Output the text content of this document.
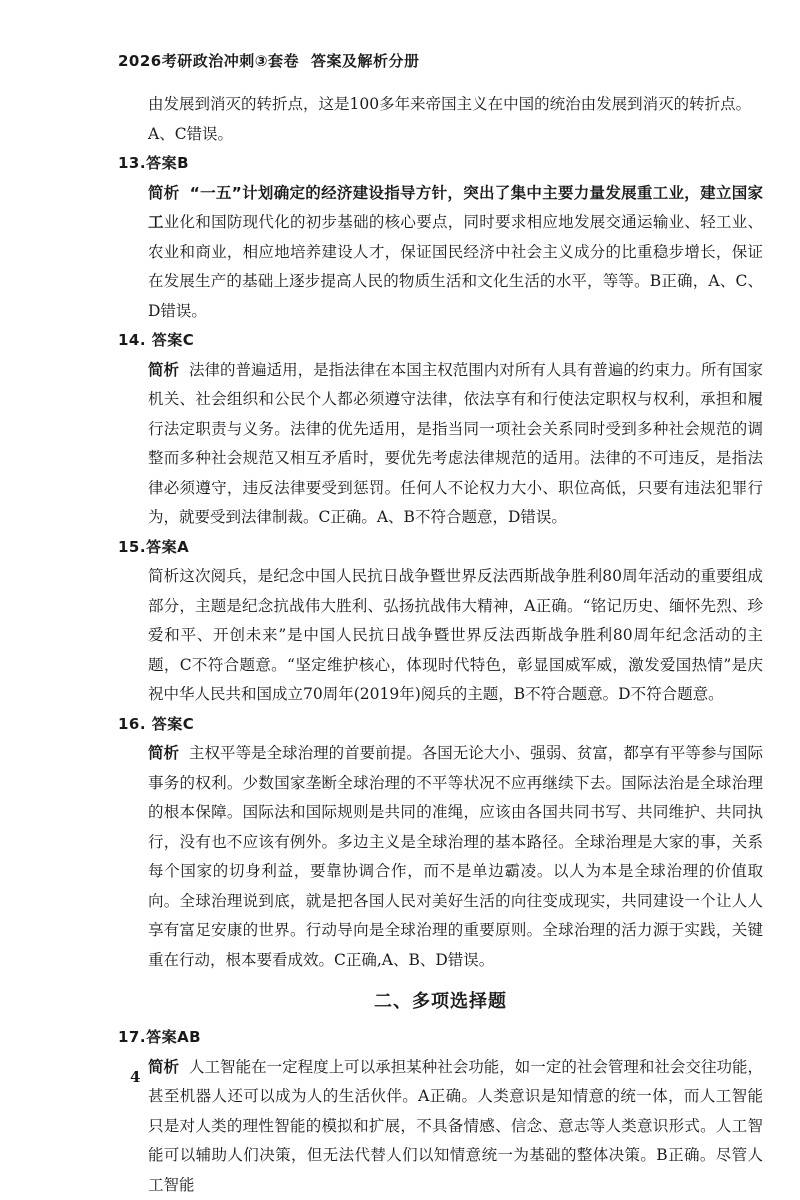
2026考研政治冲刺③套卷 答案及解析分册

由发展到消灭的转折点，这是100多年来帝国主义在中国的统治由发展到消灭的转折点。
A、C错误。

13.答案B

简析 “一五”计划确定的经济建设指导方针，突出了集中主要力量发展重工业，建立国家工业化和国防现代化的初步基础的核心要点，同时要求相应地发展交通运输业、轻工业、农业和商业，相应地培养建设人才，保证国民经济中社会主义成分的比重稳步增长，保证在发展生产的基础上逐步提高人民的物质生活和文化生活的水平，等等。B正确，A、C、D错误。

14. 答案C

简析 法律的普遍适用，是指法律在本国主权范围内对所有人具有普遍的约束力。所有国家机关、社会组织和公民个人都必须遵守法律，依法享有和行使法定职权与权利，承担和履行法定职责与义务。法律的优先适用，是指当同一项社会关系同时受到多种社会规范的调整而多种社会规范又相互矛盾时，要优先考虑法律规范的适用。法律的不可违反，是指法律必须遵守，违反法律要受到惩罚。任何人不论权力大小、职位高低，只要有违法犯罪行为，就要受到法律制裁。C正确。A、B不符合题意，D错误。

15.答案A

简析这次阅兵，是纪念中国人民抗日战争暨世界反法西斯战争胜利80周年活动的重要组成部分，主题是纪念抗战伟大胜利、弘扬抗战伟大精神，A正确。“铭记历史、缅怀先烈、珍爱和平、开创未来”是中国人民抗日战争暨世界反法西斯战争胜利80周年纪念活动的主题，C不符合题意。“坚定维护核心，体现时代特色，彰显国威军威，激发爱国热情”是庆祝中华人民共和国成立70周年(2019年)阅兵的主题，B不符合题意。D不符合题意。

16. 答案C

简析 主权平等是全球治理的首要前提。各国无论大小、强弱、贫富，都享有平等参与国际事务的权利。少数国家垄断全球治理的不平等状况不应再继续下去。国际法治是全球治理的根本保障。国际法和国际规则是共同的准绳，应该由各国共同书写、共同维护、共同执行，没有也不应该有例外。多边主义是全球治理的基本路径。全球治理是大家的事，关系每个国家的切身利益，要靠协调合作，而不是单边霸凌。以人为本是全球治理的价值取向。全球治理说到底，就是把各国人民对美好生活的向往变成现实，共同建设一个让人人享有富足安康的世界。行动导向是全球治理的重要原则。全球治理的活力源于实践，关键重在行动，根本要看成效。C正确,A、B、D错误。

二、多项选择题

17.答案AB

简析 人工智能在一定程度上可以承担某种社会功能，如一定的社会管理和社会交往功能，甚至机器人还可以成为人的生活伙伴。A正确。人类意识是知情意的统一体，而人工智能只是对人类的理性智能的模拟和扩展，不具备情感、信念、意志等人类意识形式。人工智能可以辅助人们决策，但无法代替人们以知情意统一为基础的整体决策。B正确。尽管人工智能

4
